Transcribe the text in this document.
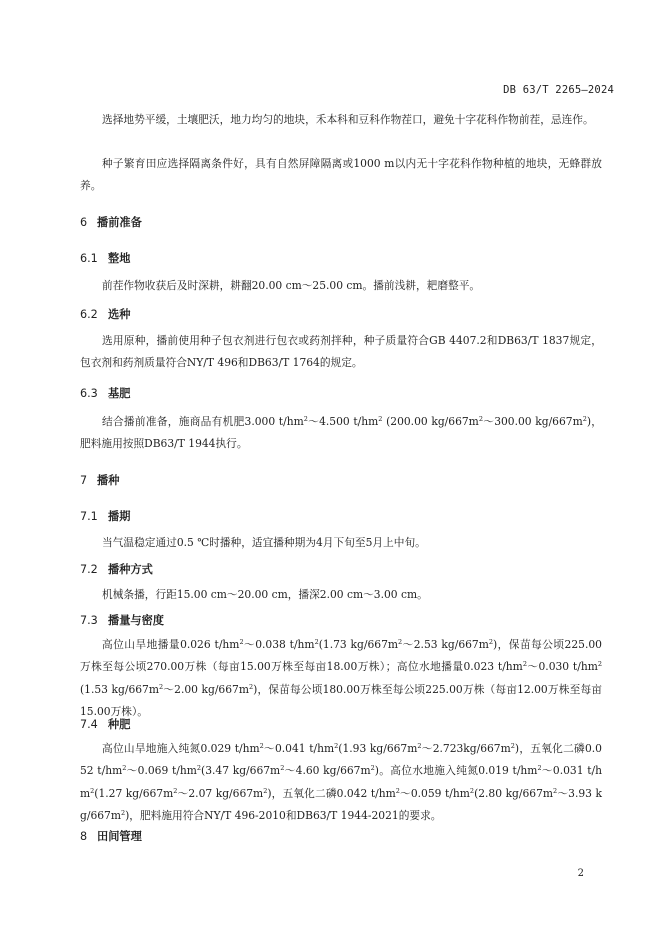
DB 63/T 2265—2024
选择地势平缓，土壤肥沃，地力均匀的地块，禾本科和豆科作物茬口，避免十字花科作物前茬，忌连作。
种子繁育田应选择隔离条件好，具有自然屏障隔离或1000 m以内无十字花科作物种植的地块，无蜂群放养。
6 播前准备
6.1 整地
前茬作物收获后及时深耕，耕翻20.00 cm～25.00 cm。播前浅耕，耙磨整平。
6.2 选种
选用原种，播前使用种子包衣剂进行包衣或药剂拌种，种子质量符合GB 4407.2和DB63/T 1837规定，包衣剂和药剂质量符合NY/T 496和DB63/T 1764的规定。
6.3 基肥
结合播前准备，施商品有机肥3.000 $t/hm^2\sim 4.500$ $t/hm^2$ (200.00 $kg/667m^2\sim 300.00$ $kg/667m^2$)，肥料施用按照DB63/T 1944执行。
7 播种
7.1 播期
当气温稳定通过0.5 ℃时播种，适宜播种期为4月下旬至5月上中旬。
7.2 播种方式
机械条播，行距15.00 cm～20.00 cm，播深2.00 cm～3.00 cm。
7.3 播量与密度
高位山旱地播量0.026 $t/hm^2\sim 0.038$ $t/hm^2(1.73$ $kg/667m^2\sim 2.53$ $kg/667m^2$)，保苗每公顷225.00万株至每公顷270.00万株（每亩15.00万株至每亩18.00万株）；高位水地播量0.023 $t/hm^2\sim 0.030$ $t/hm^2(1.53$ $kg/667m^2\sim 2.00$ $kg/667m^2$)，保苗每公顷180.00万株至每公顷225.00万株（每亩12.00万株至每亩15.00万株）。
7.4 种肥
高位山旱地施入纯氮0.029 $t/hm^2\sim 0.041$ $t/hm^2(1.93$ $kg/667m^2\sim 2.723kg/667m^2$)，五氧化二磷0.052 $t/hm^2\sim 0.069$ $t/hm^2(3.47$ $kg/667m^2\sim 4.60$ $kg/667m^2$)。高位水地施入纯氮0.019 $t/hm^2\sim 0.031$ $t/hm^2(1.27$ $kg/667m^2\sim 2.07$ $kg/667m^2$)，五氧化二磷0.042 $t/hm^2\sim 0.059$ $t/hm^2(2.80$ $kg/667m^2\sim 3.93$ $kg/667m^2$)，肥料施用符合NY/T 496-2010和DB63/T 1944-2021的要求。
8 田间管理
2
